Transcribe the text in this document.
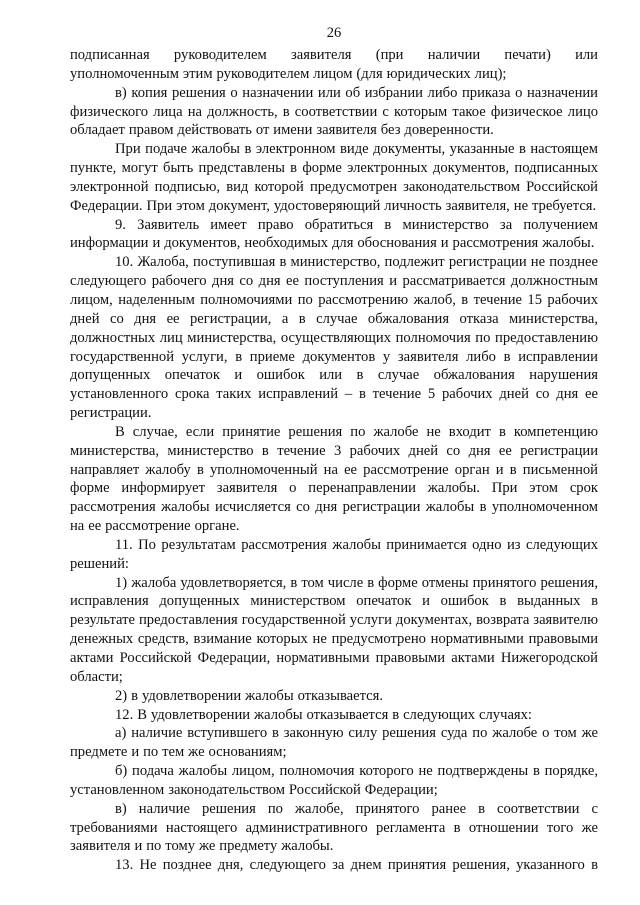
26

подписанная руководителем заявителя (при наличии печати) или

уполномоченным этим руководителем лицом (для юридических лиц);

в) копия решения о назначении или об избрании либо приказа о назначении физического лица на должность, в соответствии с которым такое физическое лицо обладает правом действовать от имени заявителя без доверенности.

При подаче жалобы в электронном виде документы, указанные в настоящем пункте, могут быть представлены в форме электронных документов, подписанных электронной подписью, вид которой предусмотрен законодательством Российской Федерации. При этом документ, удостоверяющий личность заявителя, не требуется.

9. Заявитель имеет право обратиться в министерство за получением информации и документов, необходимых для обоснования и рассмотрения жалобы.

10. Жалоба, поступившая в министерство, подлежит регистрации не позднее следующего рабочего дня со дня ее поступления и рассматривается должностным лицом, наделенным полномочиями по рассмотрению жалоб, в течение 15 рабочих дней со дня ее регистрации, а в случае обжалования отказа министерства, должностных лиц министерства, осуществляющих полномочия по предоставлению государственной услуги, в приеме документов у заявителя либо в исправлении допущенных опечаток и ошибок или в случае обжалования нарушения установленного срока таких исправлений – в течение 5 рабочих дней со дня ее регистрации.

В случае, если принятие решения по жалобе не входит в компетенцию министерства, министерство в течение 3 рабочих дней со дня ее регистрации направляет жалобу в уполномоченный на ее рассмотрение орган и в письменной форме информирует заявителя о перенаправлении жалобы. При этом срок рассмотрения жалобы исчисляется со дня регистрации жалобы в уполномоченном на ее рассмотрение органе.

11. По результатам рассмотрения жалобы принимается одно из следующих решений:

1) жалоба удовлетворяется, в том числе в форме отмены принятого решения, исправления допущенных министерством опечаток и ошибок в выданных в результате предоставления государственной услуги документах, возврата заявителю денежных средств, взимание которых не предусмотрено нормативными правовыми актами Российской Федерации, нормативными правовыми актами Нижегородской области;

2) в удовлетворении жалобы отказывается.

12. В удовлетворении жалобы отказывается в следующих случаях:

а) наличие вступившего в законную силу решения суда по жалобе о том же предмете и по тем же основаниям;

б) подача жалобы лицом, полномочия которого не подтверждены в порядке, установленном законодательством Российской Федерации;

в) наличие решения по жалобе, принятого ранее в соответствии с требованиями настоящего административного регламента в отношении того же заявителя и по тому же предмету жалобы.

13. Не позднее дня, следующего за днем принятия решения, указанного в
